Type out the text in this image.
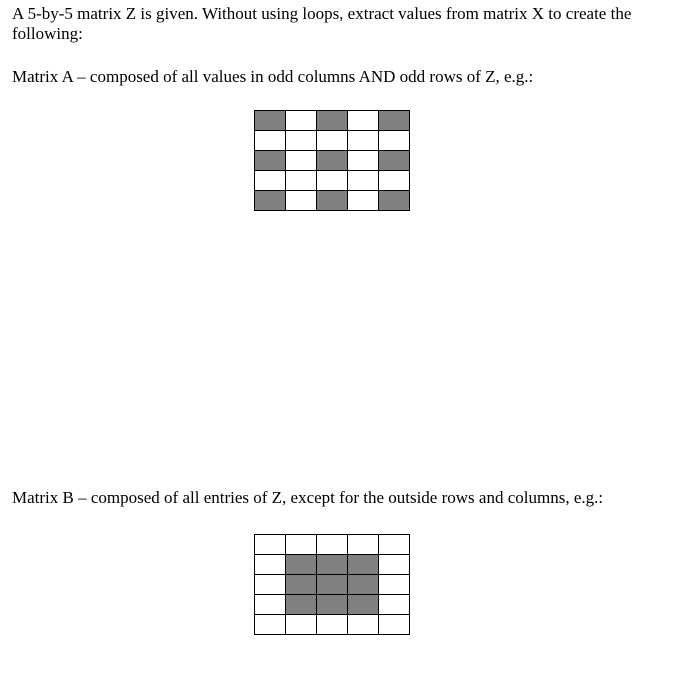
A 5-by-5 matrix Z is given. Without using loops, extract values from matrix X to create the following:

Matrix A – composed of all values in odd columns AND odd rows of Z, e.g.:

Matrix B – composed of all entries of Z, except for the outside rows and columns, e.g.:
